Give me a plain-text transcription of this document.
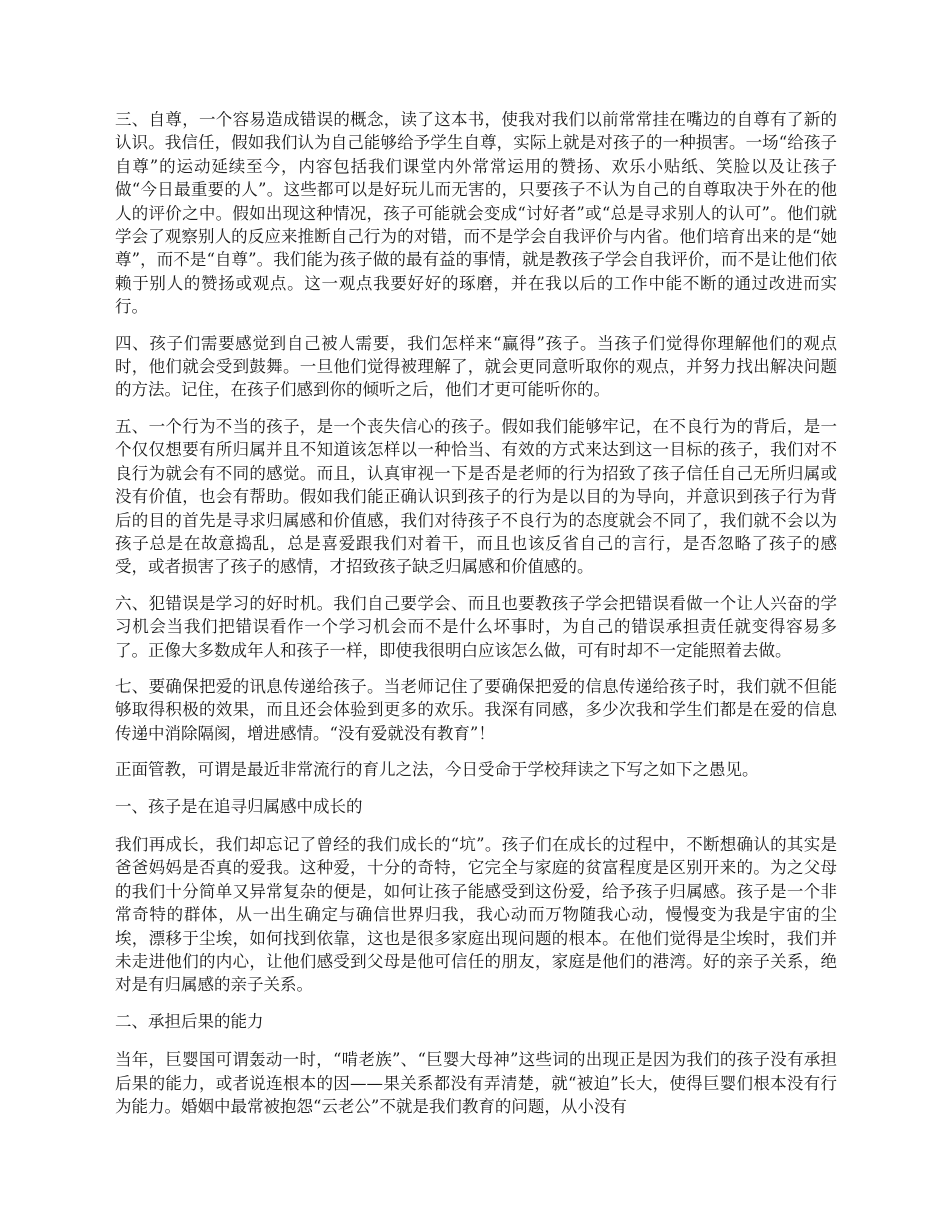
三、自尊，一个容易造成错误的概念，读了这本书，使我对我们以前常常挂在嘴边的自尊有了新的认识。我信任，假如我们认为自己能够给予学生自尊，实际上就是对孩子的一种损害。一场“给孩子自尊”的运动延续至今，内容包括我们课堂内外常常运用的赞扬、欢乐小贴纸、笑脸以及让孩子做“今日最重要的人”。这些都可以是好玩儿而无害的，只要孩子不认为自己的自尊取决于外在的他人的评价之中。假如出现这种情况，孩子可能就会变成“讨好者”或“总是寻求别人的认可”。他们就学会了观察别人的反应来推断自己行为的对错，而不是学会自我评价与内省。他们培育出来的是“她尊”，而不是“自尊”。我们能为孩子做的最有益的事情，就是教孩子学会自我评价，而不是让他们依赖于别人的赞扬或观点。这一观点我要好好的琢磨，并在我以后的工作中能不断的通过改进而实行。

四、孩子们需要感觉到自己被人需要，我们怎样来“赢得”孩子。当孩子们觉得你理解他们的观点时，他们就会受到鼓舞。一旦他们觉得被理解了，就会更同意听取你的观点，并努力找出解决问题的方法。记住，在孩子们感到你的倾听之后，他们才更可能听你的。

五、一个行为不当的孩子，是一个丧失信心的孩子。假如我们能够牢记，在不良行为的背后，是一个仅仅想要有所归属并且不知道该怎样以一种恰当、有效的方式来达到这一目标的孩子，我们对不良行为就会有不同的感觉。而且，认真审视一下是否是老师的行为招致了孩子信任自己无所归属或没有价值，也会有帮助。假如我们能正确认识到孩子的行为是以目的为导向，并意识到孩子行为背后的目的首先是寻求归属感和价值感，我们对待孩子不良行为的态度就会不同了，我们就不会以为孩子总是在故意捣乱，总是喜爱跟我们对着干，而且也该反省自己的言行，是否忽略了孩子的感受，或者损害了孩子的感情，才招致孩子缺乏归属感和价值感的。

六、犯错误是学习的好时机。我们自己要学会、而且也要教孩子学会把错误看做一个让人兴奋的学习机会当我们把错误看作一个学习机会而不是什么坏事时，为自己的错误承担责任就变得容易多了。正像大多数成年人和孩子一样，即使我很明白应该怎么做，可有时却不一定能照着去做。

七、要确保把爱的讯息传递给孩子。当老师记住了要确保把爱的信息传递给孩子时，我们就不但能够取得积极的效果，而且还会体验到更多的欢乐。我深有同感，多少次我和学生们都是在爱的信息传递中消除隔阂，增进感情。“没有爱就没有教育”！

正面管教，可谓是最近非常流行的育儿之法，今日受命于学校拜读之下写之如下之愚见。

一、孩子是在追寻归属感中成长的

我们再成长，我们却忘记了曾经的我们成长的“坑”。孩子们在成长的过程中，不断想确认的其实是爸爸妈妈是否真的爱我。这种爱，十分的奇特，它完全与家庭的贫富程度是区别开来的。为之父母的我们十分简单又异常复杂的便是，如何让孩子能感受到这份爱，给予孩子归属感。孩子是一个非常奇特的群体，从一出生确定与确信世界归我，我心动而万物随我心动，慢慢变为我是宇宙的尘埃，漂移于尘埃，如何找到依靠，这也是很多家庭出现问题的根本。在他们觉得是尘埃时，我们并未走进他们的内心，让他们感受到父母是他可信任的朋友，家庭是他们的港湾。好的亲子关系，绝对是有归属感的亲子关系。

二、承担后果的能力

当年，巨婴国可谓轰动一时，“啃老族”、“巨婴大母神”这些词的出现正是因为我们的孩子没有承担后果的能力，或者说连根本的因——果关系都没有弄清楚，就“被迫”长大，使得巨婴们根本没有行为能力。婚姻中最常被抱怨“云老公”不就是我们教育的问题，从小没有
